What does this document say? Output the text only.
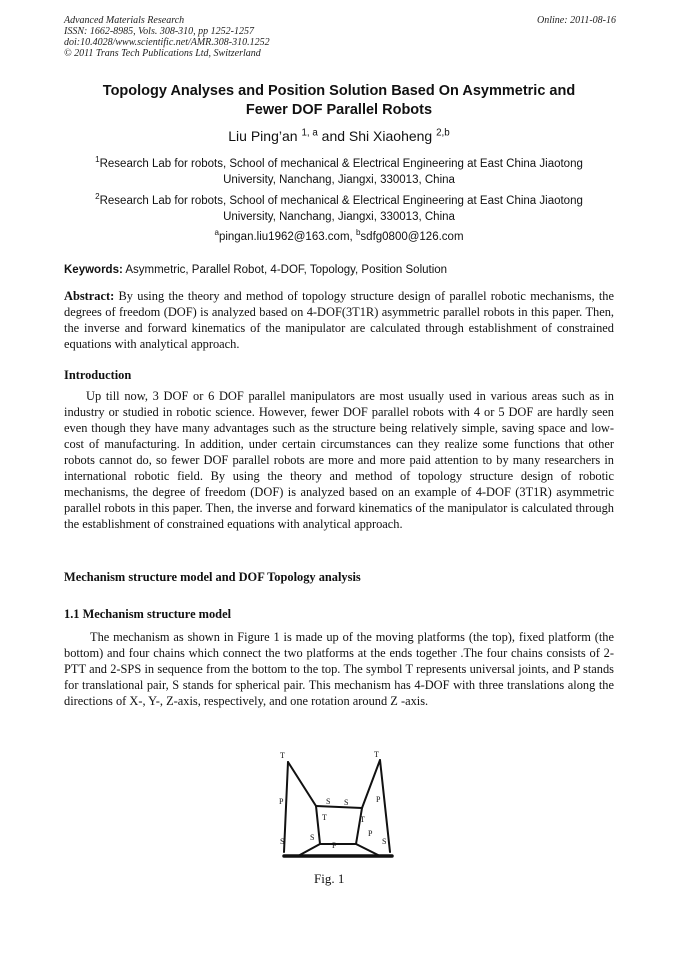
Advanced Materials Research
ISSN: 1662-8985, Vols. 308-310, pp 1252-1257
doi:10.4028/www.scientific.net/AMR.308-310.1252
© 2011 Trans Tech Publications Ltd, Switzerland
Online: 2011-08-16
Topology Analyses and Position Solution Based On Asymmetric and
Fewer DOF Parallel Robots
Liu Ping’an $^{1, a}$ and Shi Xiaoheng $^{2,b}$
$^1$Research Lab for robots, School of mechanical & Electrical Engineering at East China Jiaotong
University, Nanchang, Jiangxi, 330013, China
$^2$Research Lab for robots, School of mechanical & Electrical Engineering at East China Jiaotong
University, Nanchang, Jiangxi, 330013, China
$^a$pingan.liu1962@163.com, $^b$sdfg0800@126.com
Keywords: Asymmetric, Parallel Robot, 4-DOF, Topology, Position Solution
Abstract: By using the theory and method of topology structure design of parallel robotic mechanisms, the degrees of freedom (DOF) is analyzed based on 4-DOF(3T1R) asymmetric parallel robots in this paper. Then, the inverse and forward kinematics of the manipulator are calculated through establishment of constrained equations with analytical approach.
Introduction
Up till now, 3 DOF or 6 DOF parallel manipulators are most usually used in various areas such as in industry or studied in robotic science. However, fewer DOF parallel robots with 4 or 5 DOF are hardly seen even though they have many advantages such as the structure being relatively simple, saving space and low-cost of manufacturing. In addition, under certain circumstances can they realize some functions that other robots cannot do, so fewer DOF parallel robots are more and more paid attention to by many researchers in international robotic field. By using the theory and method of topology structure design of robotic mechanisms, the degree of freedom (DOF) is analyzed based on an example of 4-DOF (3T1R) asymmetric parallel robots in this paper. Then, the inverse and forward kinematics of the manipulator is calculated through the establishment of constrained equations with analytical approach.
Mechanism structure model and DOF Topology analysis
1.1 Mechanism structure model
The mechanism as shown in Figure 1 is made up of the moving platforms (the top), fixed platform (the bottom) and four chains which connect the two platforms at the ends together .The four chains consists of 2-PTT and 2-SPS in sequence from the bottom to the top. The symbol T represents universal joints, and P stands for translational pair, S stands for spherical pair. This mechanism has 4-DOF with three translations along the directions of X-, Y-, Z-axis, respectively, and one rotation around Z -axis.
T	T
T	T
P	P
P
P
S
S S
S	S
Fig. 1
